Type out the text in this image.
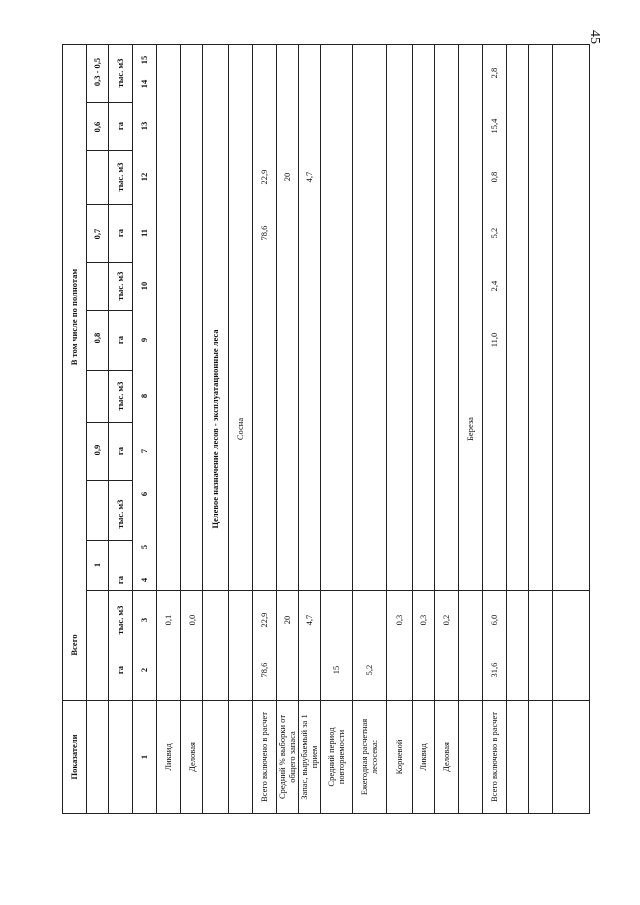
45
Показатели
Всего
В том числе по полнотам
1
0,9
0,8
0,7
0,6
0,3 - 0,5
га
тыс. м3
га
тыс. м3
га
тыс. м3
га
тыс. м3
га
тыс. м3
га
тыс. м3
1
2
3
4
5
6
7
8
9
10
11
12
13
14
15
Ликвид
0,1
Деловая
0,0
Целевое назначение лесов - эксплуатационные леса Сосна
Всего включено в расчет
78,6
22,9
78,6
22,9
Средний % выборки от общего запаса
20
20
Запас, вырубаемый за 1 прием
4,7
4,7
Средний период повторяемости
15
Ежегодная расчетная лесосека:
5,2
Корневой
0,3
Ликвид
0,3
Деловая
0,2
Береза
Всего включено в расчет
31,6
6,0
11,0
2,4
5,2
0,8
15,4
2,8
